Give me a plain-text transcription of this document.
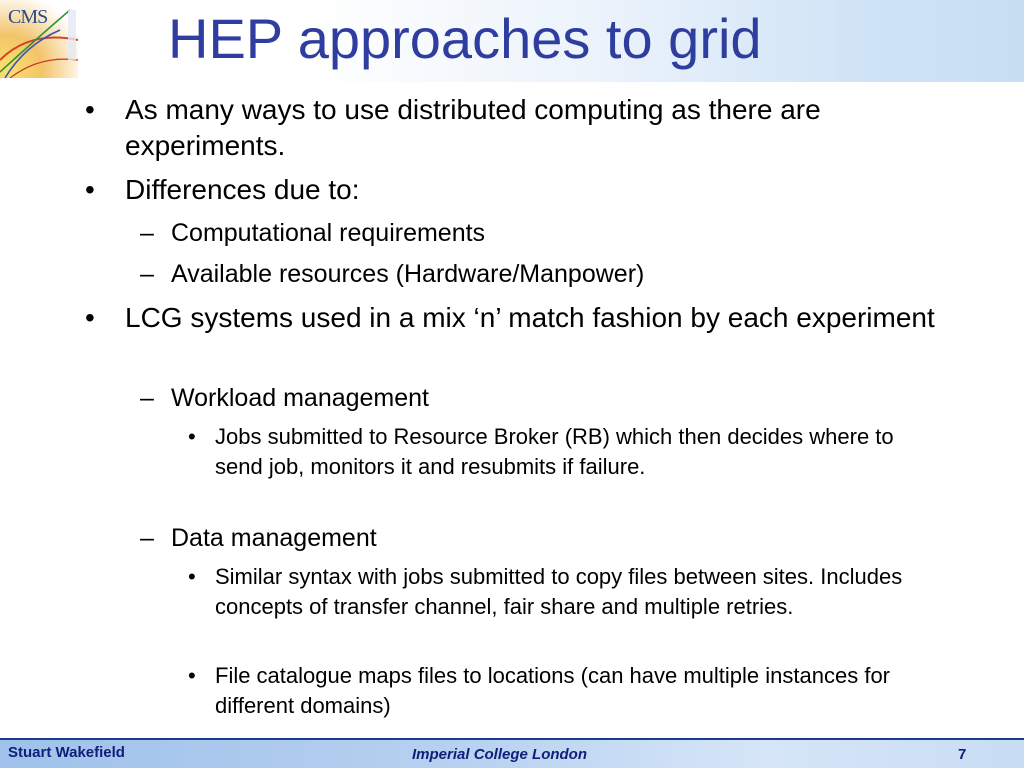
CMS HEP approaches to grid
•	As many ways to use distributed computing as there are experiments.
•	Differences due to:
– Computational requirements
– Available resources (Hardware/Manpower)
•	LCG systems used in a mix ‘n’ match fashion by each experiment
– Workload management
• Jobs submitted to Resource Broker (RB) which then decides where to send job, monitors it and resubmits if failure.
– Data management
• Similar syntax with jobs submitted to copy files between sites. Includes concepts of transfer channel, fair share and multiple retries.
• File catalogue maps files to locations (can have multiple instances for different domains)
Stuart Wakefield	Imperial College London	7
